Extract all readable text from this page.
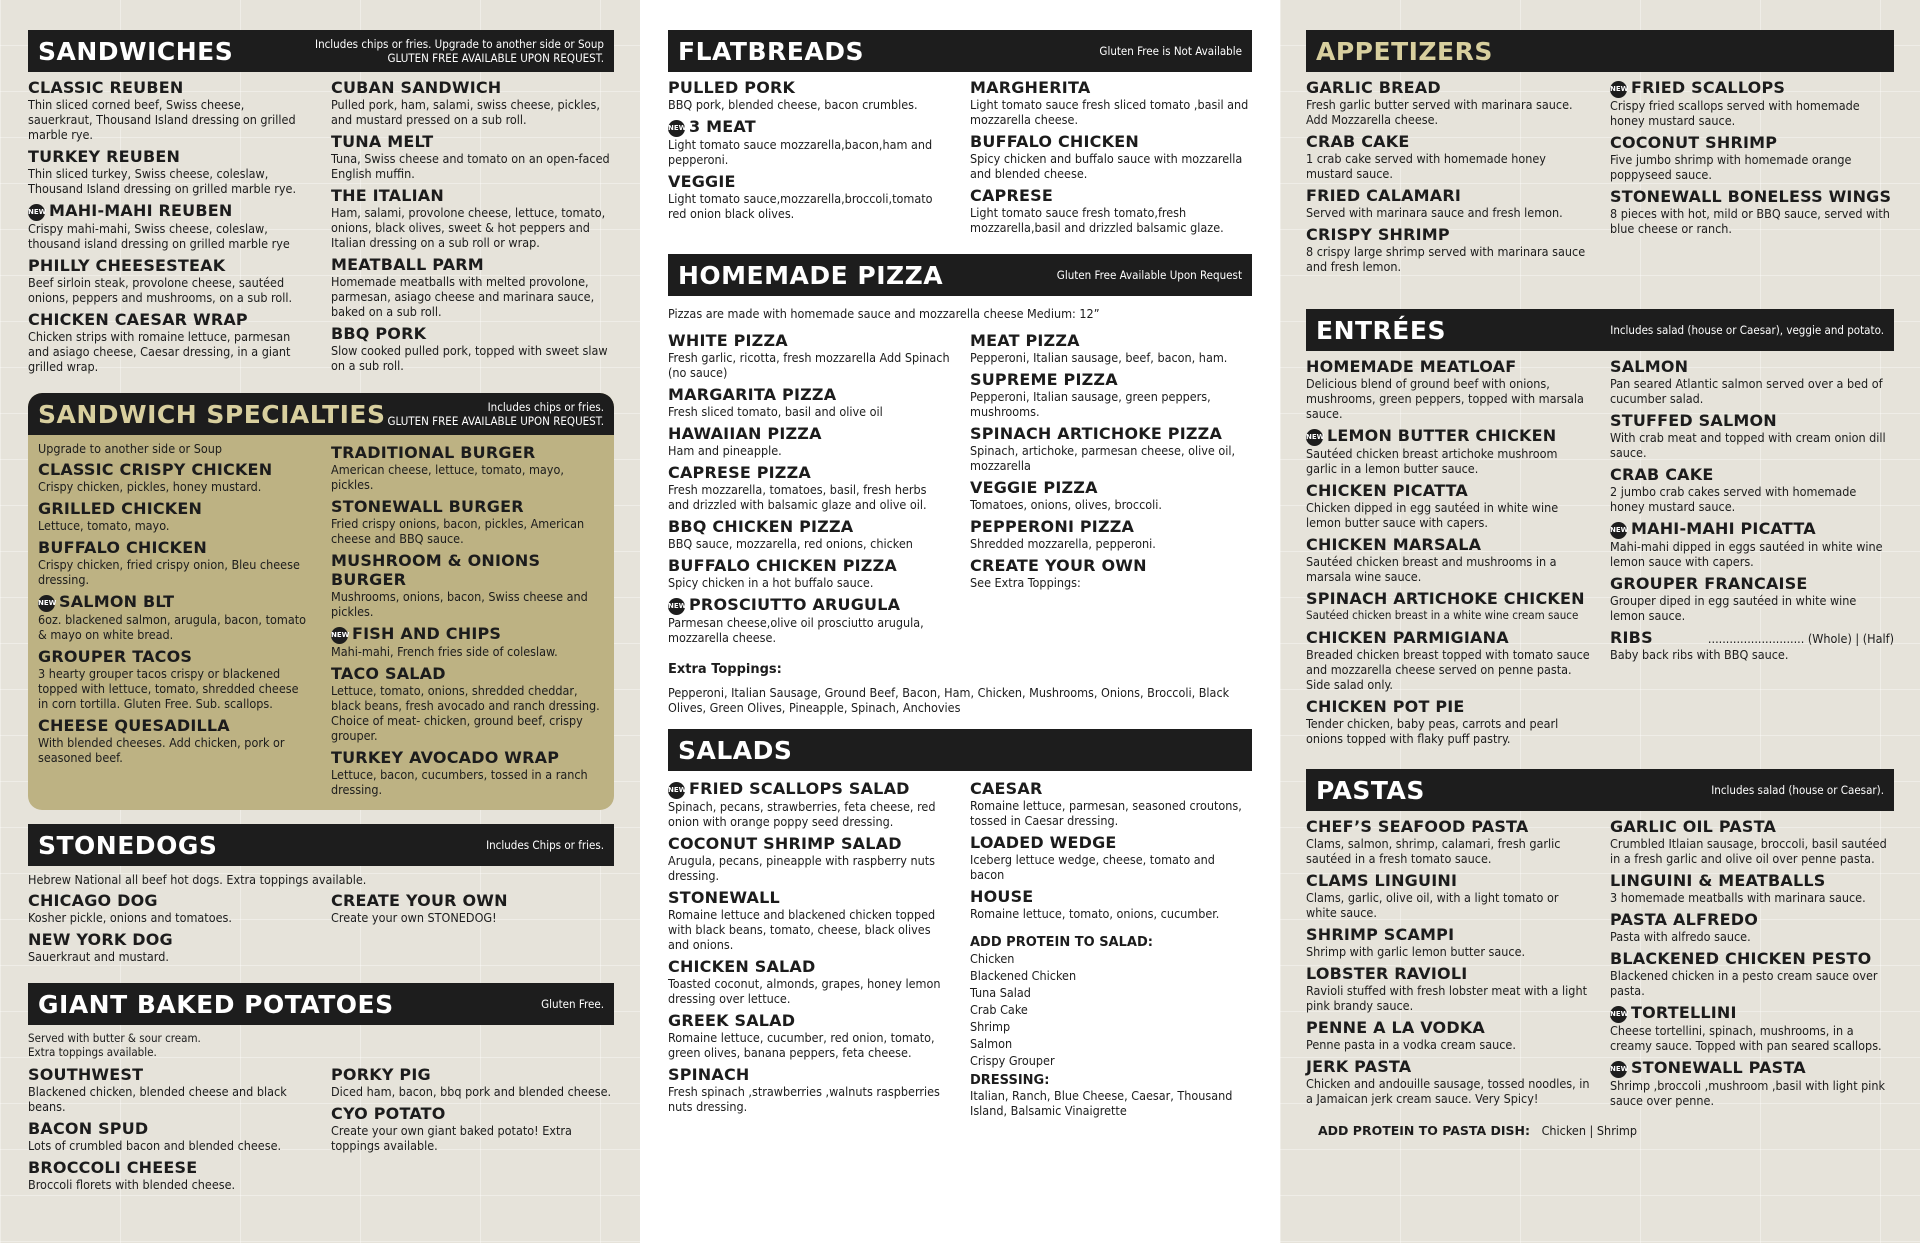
SANDWICHES	Includes chips or fries. Upgrade to another side or Soup
GLUTEN FREE AVAILABLE UPON REQUEST.
CLASSIC REUBEN
Thin sliced corned beef, Swiss cheese, sauerkraut, Thousand Island dressing on grilled marble rye.
TURKEY REUBEN
Thin sliced turkey, Swiss cheese, coleslaw, Thousand Island dressing on grilled marble rye.
NEW MAHI-MAHI REUBEN
Crispy mahi-mahi, Swiss cheese, coleslaw, thousand island dressing on grilled marble rye
PHILLY CHEESESTEAK
Beef sirloin steak, provolone cheese, sautéed onions, peppers and mushrooms, on a sub roll.
CHICKEN CAESAR WRAP
Chicken strips with romaine lettuce, parmesan and asiago cheese, Caesar dressing, in a giant grilled wrap.
CUBAN SANDWICH
Pulled pork, ham, salami, swiss cheese, pickles, and mustard pressed on a sub roll.
TUNA MELT
Tuna, Swiss cheese and tomato on an open-faced English muffin.
THE ITALIAN
Ham, salami, provolone cheese, lettuce, tomato, onions, black olives, sweet & hot peppers and Italian dressing on a sub roll or wrap.
MEATBALL PARM
Homemade meatballs with melted provolone, parmesan, asiago cheese and marinara sauce, baked on a sub roll.
BBQ PORK
Slow cooked pulled pork, topped with sweet slaw on a sub roll.
SANDWICH SPECIALTIES	Includes chips or fries.
GLUTEN FREE AVAILABLE UPON REQUEST.
Upgrade to another side or Soup
CLASSIC CRISPY CHICKEN
Crispy chicken, pickles, honey mustard.
GRILLED CHICKEN
Lettuce, tomato, mayo.
BUFFALO CHICKEN
Crispy chicken, fried crispy onion, Bleu cheese dressing.
NEW SALMON BLT
6oz. blackened salmon, arugula, bacon, tomato & mayo on white bread.
GROUPER TACOS
3 hearty grouper tacos crispy or blackened topped with lettuce, tomato, shredded cheese in corn tortilla. Gluten Free. Sub. scallops.
CHEESE QUESADILLA
With blended cheeses. Add chicken, pork or seasoned beef.
TRADITIONAL BURGER
American cheese, lettuce, tomato, mayo, pickles.
STONEWALL BURGER
Fried crispy onions, bacon, pickles, American cheese and BBQ sauce.
MUSHROOM & ONIONS BURGER
Mushrooms, onions, bacon, Swiss cheese and pickles.
NEW FISH AND CHIPS
Mahi-mahi, French fries side of coleslaw.
TACO SALAD
Lettuce, tomato, onions, shredded cheddar, black beans, fresh avocado and ranch dressing. Choice of meat- chicken, ground beef, crispy grouper.
TURKEY AVOCADO WRAP
Lettuce, bacon, cucumbers, tossed in a ranch dressing.
STONEDOGS	Includes Chips or fries.
Hebrew National all beef hot dogs. Extra toppings available.
CHICAGO DOG
Kosher pickle, onions and tomatoes.
NEW YORK DOG
Sauerkraut and mustard.
CREATE YOUR OWN
Create your own STONEDOG!
GIANT BAKED POTATOES	Gluten Free.
Served with butter & sour cream.
Extra toppings available.
SOUTHWEST
Blackened chicken, blended cheese and black beans.
BACON SPUD
Lots of crumbled bacon and blended cheese.
BROCCOLI CHEESE
Broccoli florets with blended cheese.
PORKY PIG
Diced ham, bacon, bbq pork and blended cheese.
CYO POTATO
Create your own giant baked potato! Extra toppings available.
FLATBREADS	Gluten Free is Not Available
PULLED PORK
BBQ pork, blended cheese, bacon crumbles.
NEW 3 MEAT
Light tomato sauce mozzarella,bacon,ham and pepperoni.
VEGGIE
Light tomato sauce,mozzarella,broccoli,tomato red onion black olives.
MARGHERITA
Light tomato sauce fresh sliced tomato ,basil and mozzarella cheese.
BUFFALO CHICKEN
Spicy chicken and buffalo sauce with mozzarella and blended cheese.
CAPRESE
Light tomato sauce fresh tomato,fresh mozzarella,basil and drizzled balsamic glaze.
HOMEMADE PIZZA	Gluten Free Available Upon Request
Pizzas are made with homemade sauce and mozzarella cheese Medium: 12”
WHITE PIZZA
Fresh garlic, ricotta, fresh mozzarella Add Spinach (no sauce)
MARGARITA PIZZA
Fresh sliced tomato, basil and olive oil
HAWAIIAN PIZZA
Ham and pineapple.
CAPRESE PIZZA
Fresh mozzarella, tomatoes, basil, fresh herbs and drizzled with balsamic glaze and olive oil.
BBQ CHICKEN PIZZA
BBQ sauce, mozzarella, red onions, chicken
BUFFALO CHICKEN PIZZA
Spicy chicken in a hot buffalo sauce.
NEW PROSCIUTTO ARUGULA
Parmesan cheese,olive oil prosciutto arugula, mozzarella cheese.
MEAT PIZZA
Pepperoni, Italian sausage, beef, bacon, ham.
SUPREME PIZZA
Pepperoni, Italian sausage, green peppers, mushrooms.
SPINACH ARTICHOKE PIZZA
Spinach, artichoke, parmesan cheese, olive oil, mozzarella
VEGGIE PIZZA
Tomatoes, onions, olives, broccoli.
PEPPERONI PIZZA
Shredded mozzarella, pepperoni.
CREATE YOUR OWN
See Extra Toppings:
Extra Toppings:
Pepperoni, Italian Sausage, Ground Beef, Bacon, Ham, Chicken, Mushrooms, Onions, Broccoli, Black Olives, Green Olives, Pineapple, Spinach, Anchovies
SALADS
NEW FRIED SCALLOPS SALAD
Spinach, pecans, strawberries, feta cheese, red onion with orange poppy seed dressing.
COCONUT SHRIMP SALAD
Arugula, pecans, pineapple with raspberry nuts dressing.
STONEWALL
Romaine lettuce and blackened chicken topped with black beans, tomato, cheese, black olives and onions.
CHICKEN SALAD
Toasted coconut, almonds, grapes, honey lemon dressing over lettuce.
GREEK SALAD
Romaine lettuce, cucumber, red onion, tomato, green olives, banana peppers, feta cheese.
SPINACH
Fresh spinach ,strawberries ,walnuts raspberries nuts dressing.
CAESAR
Romaine lettuce, parmesan, seasoned croutons, tossed in Caesar dressing.
LOADED WEDGE
Iceberg lettuce wedge, cheese, tomato and bacon
HOUSE
Romaine lettuce, tomato, onions, cucumber.
ADD PROTEIN TO SALAD:
Chicken
Blackened Chicken
Tuna Salad
Crab Cake
Shrimp
Salmon
Crispy Grouper
DRESSING:
Italian, Ranch, Blue Cheese, Caesar, Thousand Island, Balsamic Vinaigrette
APPETIZERS
GARLIC BREAD
Fresh garlic butter served with marinara sauce. Add Mozzarella cheese.
CRAB CAKE
1 crab cake served with homemade honey mustard sauce.
FRIED CALAMARI
Served with marinara sauce and fresh lemon.
CRISPY SHRIMP
8 crispy large shrimp served with marinara sauce and fresh lemon.
NEW FRIED SCALLOPS
Crispy fried scallops served with homemade honey mustard sauce.
COCONUT SHRIMP
Five jumbo shrimp with homemade orange poppyseed sauce.
STONEWALL BONELESS WINGS
8 pieces with hot, mild or BBQ sauce, served with blue cheese or ranch.
ENTRÉES	Includes salad (house or Caesar), veggie and potato.
HOMEMADE MEATLOAF
Delicious blend of ground beef with onions, mushrooms, green peppers, topped with marsala sauce.
NEW LEMON BUTTER CHICKEN
Sautéed chicken breast artichoke mushroom garlic in a lemon butter sauce.
CHICKEN PICATTA
Chicken dipped in egg sautéed in white wine lemon butter sauce with capers.
CHICKEN MARSALA
Sautéed chicken breast and mushrooms in a marsala wine sauce.
SPINACH ARTICHOKE CHICKEN
Sautéed chicken breast in a white wine cream sauce
CHICKEN PARMIGIANA
Breaded chicken breast topped with tomato sauce and mozzarella cheese served on penne pasta. Side salad only.
CHICKEN POT PIE
Tender chicken, baby peas, carrots and pearl onions topped with flaky puff pastry.
SALMON
Pan seared Atlantic salmon served over a bed of cucumber salad.
STUFFED SALMON
With crab meat and topped with cream onion dill sauce.
CRAB CAKE
2 jumbo crab cakes served with homemade honey mustard sauce.
NEW MAHI-MAHI PICATTA
Mahi-mahi dipped in eggs sautéed in white wine lemon sauce with capers.
GROUPER FRANCAISE
Grouper diped in egg sautéed in white wine lemon sauce.
RIBS	........................... (Whole) | (Half)
Baby back ribs with BBQ sauce.
PASTAS	Includes salad (house or Caesar).
CHEF’S SEAFOOD PASTA
Clams, salmon, shrimp, calamari, fresh garlic sautéed in a fresh tomato sauce.
CLAMS LINGUINI
Clams, garlic, olive oil, with a light tomato or white sauce.
SHRIMP SCAMPI
Shrimp with garlic lemon butter sauce.
LOBSTER RAVIOLI
Ravioli stuffed with fresh lobster meat with a light pink brandy sauce.
PENNE A LA VODKA
Penne pasta in a vodka cream sauce.
JERK PASTA
Chicken and andouille sausage, tossed noodles, in a Jamaican jerk cream sauce. Very Spicy!
GARLIC OIL PASTA
Crumbled Itlaian sausage, broccoli, basil sautéed in a fresh garlic and olive oil over penne pasta.
LINGUINI & MEATBALLS
3 homemade meatballs with marinara sauce.
PASTA ALFREDO
Pasta with alfredo sauce.
BLACKENED CHICKEN PESTO
Blackened chicken in a pesto cream sauce over pasta.
NEW TORTELLINI
Cheese tortellini, spinach, mushrooms, in a creamy sauce. Topped with pan seared scallops.
NEW STONEWALL PASTA
Shrimp ,broccoli ,mushroom ,basil with light pink sauce over penne.
ADD PROTEIN TO PASTA DISH: Chicken | Shrimp
